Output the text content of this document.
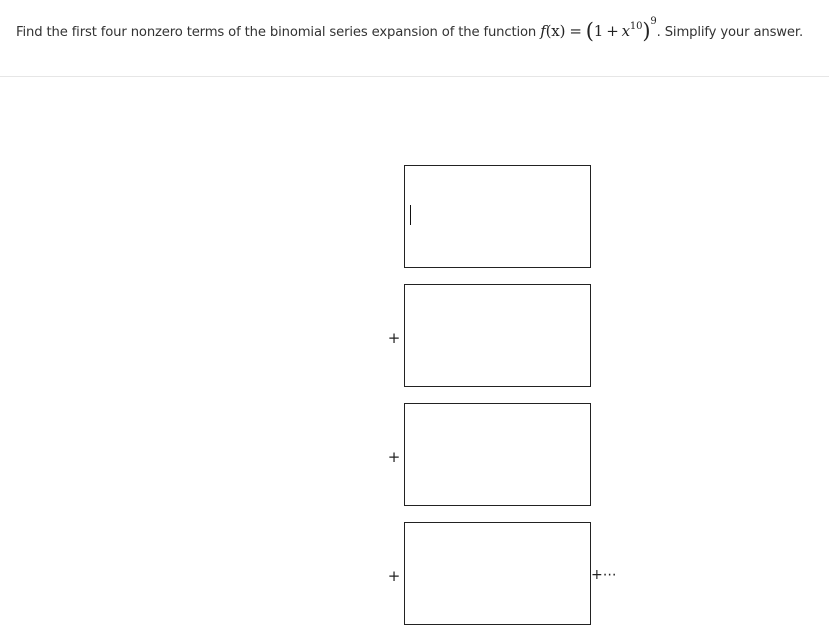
Find the first four nonzero terms of the binomial series expansion of the function $f(x) = (1 + x^{10})^9$. Simplify your answer.
+
+
+	+⋯
